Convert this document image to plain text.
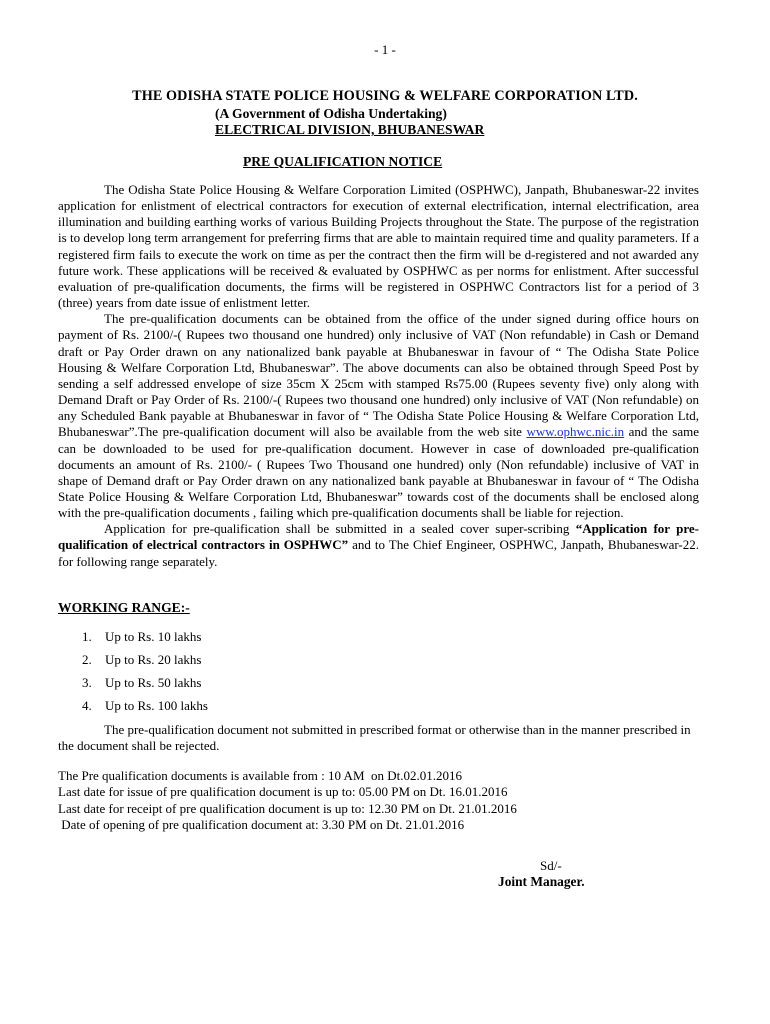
- 1 -
THE ODISHA STATE POLICE HOUSING & WELFARE CORPORATION LTD.
(A Government of Odisha Undertaking)
ELECTRICAL DIVISION, BHUBANESWAR
PRE QUALIFICATION NOTICE

The Odisha State Police Housing & Welfare Corporation Limited (OSPHWC), Janpath, Bhubaneswar-22 invites application for enlistment of electrical contractors for execution of external electrification, internal electrification, area illumination and building earthing works of various Building Projects throughout the State. The purpose of the registration is to develop long term arrangement for preferring firms that are able to maintain required time and quality parameters. If a registered firm fails to execute the work on time as per the contract then the firm will be d-registered and not awarded any future work. These applications will be received & evaluated by OSPHWC as per norms for enlistment. After successful evaluation of pre-qualification documents, the firms will be registered in OSPHWC Contractors list for a period of 3 (three) years from date issue of enlistment letter.

The pre-qualification documents can be obtained from the office of the under signed during office hours on payment of Rs. 2100/-( Rupees two thousand one hundred) only inclusive of VAT (Non refundable) in Cash or Demand draft or Pay Order drawn on any nationalized bank payable at Bhubaneswar in favour of “ The Odisha State Police Housing & Welfare Corporation Ltd, Bhubaneswar”. The above documents can also be obtained through Speed Post by sending a self addressed envelope of size 35cm X 25cm with stamped Rs75.00 (Rupees seventy five) only along with Demand Draft or Pay Order of Rs. 2100/-( Rupees two thousand one hundred) only inclusive of VAT (Non refundable) on any Scheduled Bank payable at Bhubaneswar in favor of “ The Odisha State Police Housing & Welfare Corporation Ltd, Bhubaneswar”.The pre-qualification document will also be available from the web site www.ophwc.nic.in and the same can be downloaded to be used for pre-qualification document. However in case of downloaded pre-qualification documents an amount of Rs. 2100/- ( Rupees Two Thousand one hundred) only (Non refundable) inclusive of VAT in shape of Demand draft or Pay Order drawn on any nationalized bank payable at Bhubaneswar in favour of “ The Odisha State Police Housing & Welfare Corporation Ltd, Bhubaneswar” towards cost of the documents shall be enclosed along with the pre-qualification documents , failing which pre-qualification documents shall be liable for rejection.

Application for pre-qualification shall be submitted in a sealed cover super-scribing “Application for pre-qualification of electrical contractors in OSPHWC” and to The Chief Engineer, OSPHWC, Janpath, Bhubaneswar-22. for following range separately.

WORKING RANGE:-
1. Up to Rs. 10 lakhs
2. Up to Rs. 20 lakhs
3. Up to Rs. 50 lakhs
4. Up to Rs. 100 lakhs

The pre-qualification document not submitted in prescribed format or otherwise than in the manner prescribed in the document shall be rejected.

The Pre qualification documents is available from : 10 AM  on Dt.02.01.2016
Last date for issue of pre qualification document is up to: 05.00 PM on Dt. 16.01.2016
Last date for receipt of pre qualification document is up to: 12.30 PM on Dt. 21.01.2016
Date of opening of pre qualification document at: 3.30 PM on Dt. 21.01.2016
Sd/-
Joint Manager.
